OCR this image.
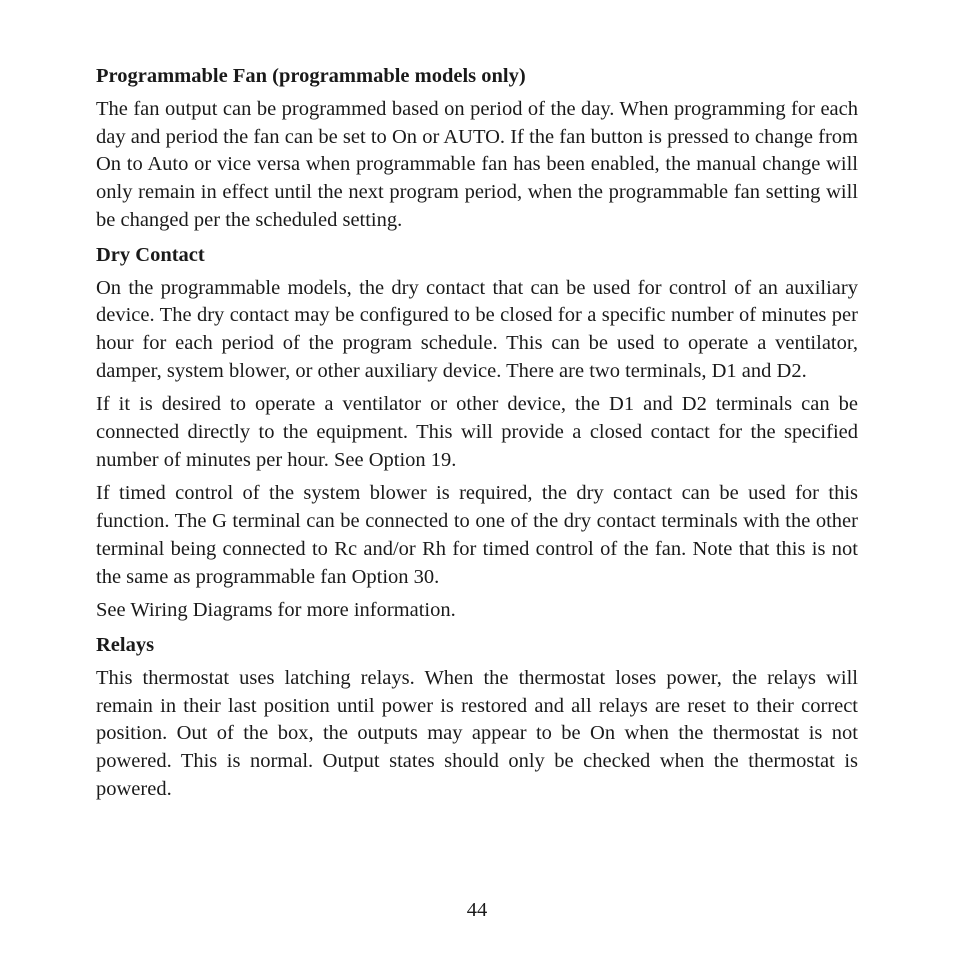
Programmable Fan (programmable models only)

The fan output can be programmed based on period of the day. When programming for each day and period the fan can be set to On or AUTO. If the fan button is pressed to change from On to Auto or vice versa when programmable fan has been enabled, the manual change will only remain in effect until the next program period, when the programmable fan setting will be changed per the scheduled setting.

Dry Contact

On the programmable models, the dry contact that can be used for control of an auxiliary device. The dry contact may be configured to be closed for a specific number of minutes per hour for each period of the program schedule. This can be used to operate a ventilator, damper, system blower, or other auxiliary device. There are two terminals, D1 and D2.

If it is desired to operate a ventilator or other device, the D1 and D2 terminals can be connected directly to the equipment. This will provide a closed contact for the specified number of minutes per hour. See Option 19.

If timed control of the system blower is required, the dry contact can be used for this function. The G terminal can be connected to one of the dry contact terminals with the other terminal being connected to Rc and/or Rh for timed control of the fan. Note that this is not the same as programmable fan Option 30.

See Wiring Diagrams for more information.

Relays

This thermostat uses latching relays. When the thermostat loses power, the relays will remain in their last position until power is restored and all relays are reset to their correct position. Out of the box, the outputs may appear to be On when the thermostat is not powered. This is normal. Output states should only be checked when the thermostat is powered.

44
